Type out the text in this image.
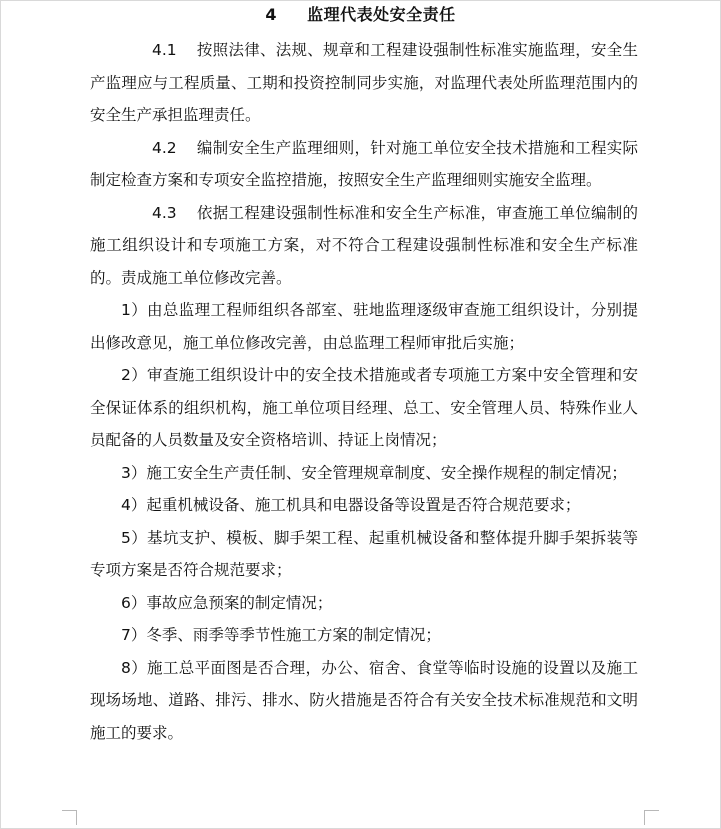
4 监理代表处安全责任

4.1 按照法律、法规、规章和工程建设强制性标准实施监理，安全生产监理应与工程质量、工期和投资控制同步实施，对监理代表处所监理范围内的安全生产承担监理责任。

4.2 编制安全生产监理细则，针对施工单位安全技术措施和工程实际制定检查方案和专项安全监控措施，按照安全生产监理细则实施安全监理。

4.3 依据工程建设强制性标准和安全生产标准，审查施工单位编制的施工组织设计和专项施工方案，对不符合工程建设强制性标准和安全生产标准的。责成施工单位修改完善。

1）由总监理工程师组织各部室、驻地监理逐级审查施工组织设计，分别提出修改意见，施工单位修改完善，由总监理工程师审批后实施；

2）审查施工组织设计中的安全技术措施或者专项施工方案中安全管理和安全保证体系的组织机构，施工单位项目经理、总工、安全管理人员、特殊作业人员配备的人员数量及安全资格培训、持证上岗情况；

3）施工安全生产责任制、安全管理规章制度、安全操作规程的制定情况；

4）起重机械设备、施工机具和电器设备等设置是否符合规范要求；

5）基坑支护、模板、脚手架工程、起重机械设备和整体提升脚手架拆装等专项方案是否符合规范要求；

6）事故应急预案的制定情况；

7）冬季、雨季等季节性施工方案的制定情况；

8）施工总平面图是否合理，办公、宿舍、食堂等临时设施的设置以及施工现场场地、道路、排污、排水、防火措施是否符合有关安全技术标准规范和文明施工的要求。
